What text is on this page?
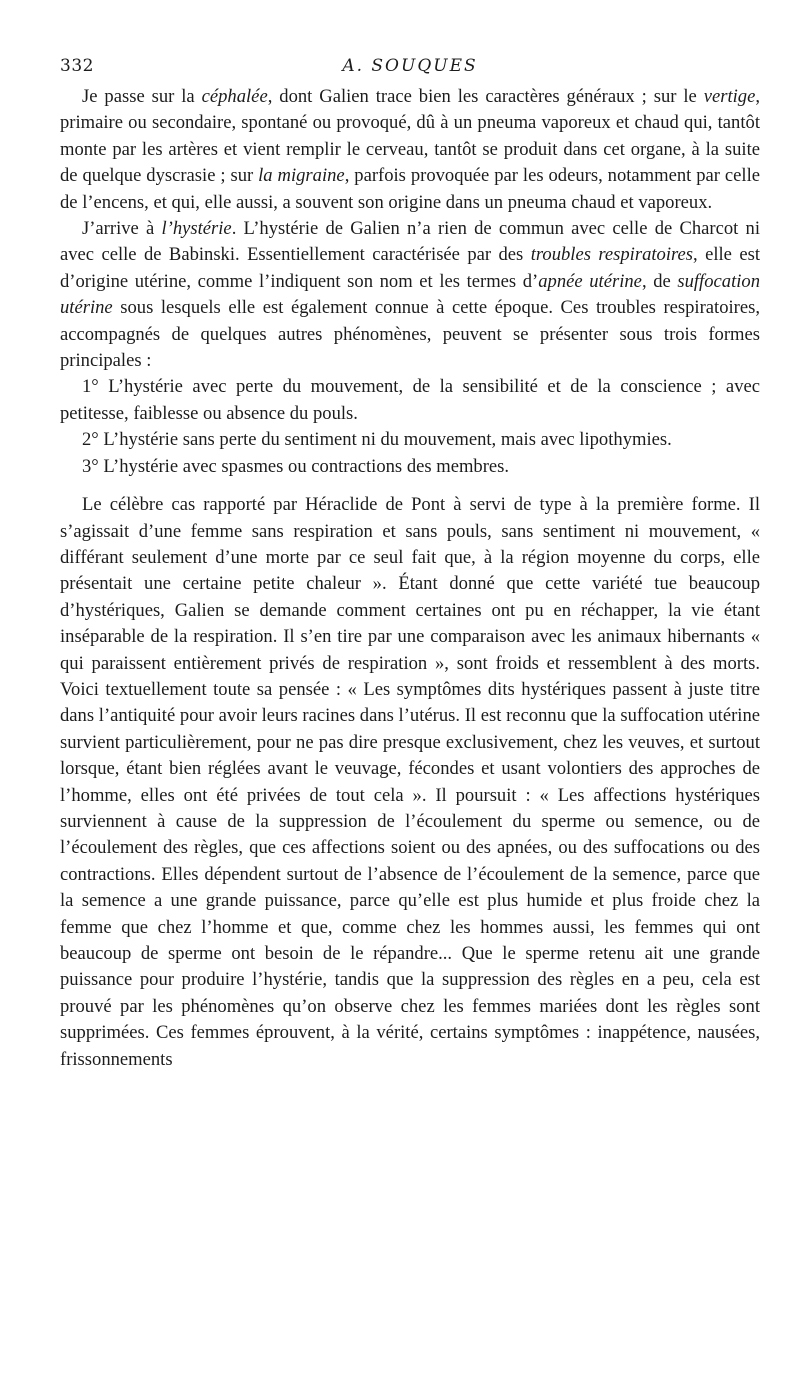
332	A. SOUQUES

Je passe sur la céphalée, dont Galien trace bien les caractères généraux ; sur le vertige, primaire ou secondaire, spontané ou provoqué, dû à un pneuma vaporeux et chaud qui, tantôt monte par les artères et vient remplir le cerveau, tantôt se produit dans cet organe, à la suite de quelque dyscrasie ; sur la migraine, parfois provoquée par les odeurs, notamment par celle de l’encens, et qui, elle aussi, a souvent son origine dans un pneuma chaud et vaporeux.

J’arrive à l’hystérie. L’hystérie de Galien n’a rien de commun avec celle de Charcot ni avec celle de Babinski. Essentiellement caractérisée par des troubles respiratoires, elle est d’origine utérine, comme l’indiquent son nom et les termes d’apnée utérine, de suffocation utérine sous lesquels elle est également connue à cette époque. Ces troubles respiratoires, accompagnés de quelques autres phénomènes, peuvent se présenter sous trois formes principales :

1° L’hystérie avec perte du mouvement, de la sensibilité et de la conscience ; avec petitesse, faiblesse ou absence du pouls.

2° L’hystérie sans perte du sentiment ni du mouvement, mais avec lipothymies.

3° L’hystérie avec spasmes ou contractions des membres.

Le célèbre cas rapporté par Héraclide de Pont à servi de type à la première forme. Il s’agissait d’une femme sans respiration et sans pouls, sans sentiment ni mouvement, « différant seulement d’une morte par ce seul fait que, à la région moyenne du corps, elle présentait une certaine petite chaleur ». Étant donné que cette variété tue beaucoup d’hystériques, Galien se demande comment certaines ont pu en réchapper, la vie étant inséparable de la respiration. Il s’en tire par une comparaison avec les animaux hibernants « qui paraissent entièrement privés de respiration », sont froids et ressemblent à des morts. Voici textuellement toute sa pensée : « Les symptômes dits hystériques passent à juste titre dans l’antiquité pour avoir leurs racines dans l’utérus. Il est reconnu que la suffocation utérine survient particulièrement, pour ne pas dire presque exclusivement, chez les veuves, et surtout lorsque, étant bien réglées avant le veuvage, fécondes et usant volontiers des approches de l’homme, elles ont été privées de tout cela ». Il poursuit : « Les affections hystériques surviennent à cause de la suppression de l’écoulement du sperme ou semence, ou de l’écoulement des règles, que ces affections soient ou des apnées, ou des suffocations ou des contractions. Elles dépendent surtout de l’absence de l’écoulement de la semence, parce que la semence a une grande puissance, parce qu’elle est plus humide et plus froide chez la femme que chez l’homme et que, comme chez les hommes aussi, les femmes qui ont beaucoup de sperme ont besoin de le répandre... Que le sperme retenu ait une grande puissance pour produire l’hystérie, tandis que la suppression des règles en a peu, cela est prouvé par les phénomènes qu’on observe chez les femmes mariées dont les règles sont supprimées. Ces femmes éprouvent, à la vérité, certains symptômes : inappétence, nausées, frissonnements
